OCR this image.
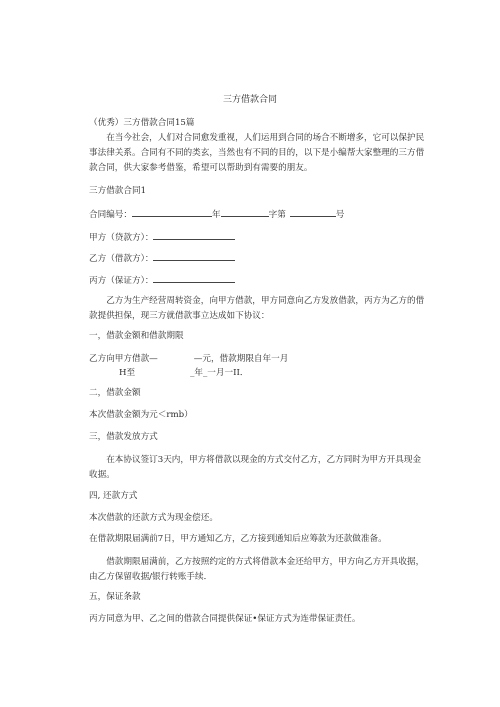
三方借款合同
（优秀）三方借款合同15篇
在当今社会，人们对合同愈发重视，人们运用到合同的场合不断增多，它可以保护民事法律关系。合同有不同的类玄，当然也有不同的目的，以下是小编帮大家整理的三方借款合同，供大家参考借鉴，希望可以帮助到有需要的朋友。
三方借款合同1
合同编号：	年	字第	号
甲方（贷款方）：
乙方（借款方）：
丙方（保证方）：
乙方为生产经营周转资金，向甲方借款，甲方同意向乙方发放借款，丙方为乙方的借款提供担保，现三方就借款事立达成如下协议：
一，借款金额和借款期限
乙方向甲方借款—	—元，借款期限自年一月
H至	_年_一月一II．
二，借款金额
本次借款金额为元＜rmb）
三，借款发放方式
在本协议签订3天内，甲方将借款以现金的方式交付乙方，乙方同时为甲方开具现金收据。
四, 还款方式
本次借款的还款方式为现金偿还。
在借款期限届满前7日，甲方通知乙方，乙方接到通知后应筹款为还款做准备。
借款期限届满前，乙方按照约定的方式将借款本金还给甲方，甲方向乙方开具收据，由乙方保留收据/银行转账手续．
五，保证条款
丙方同意为甲、乙之间的借款合同提供保证•保证方式为连带保证责任。
